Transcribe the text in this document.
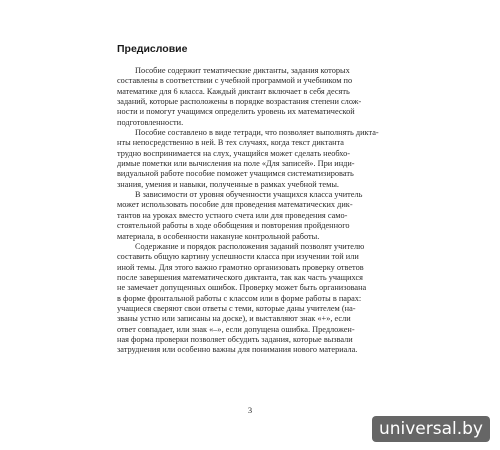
Предисловие

Пособие содержит тематические диктанты, задания которых
составлены в соответствии с учебной программой и учебником по
математике для 6 класса. Каждый диктант включает в себя десять
заданий, которые расположены в порядке возрастания степени слож-
ности и помогут учащимся определить уровень их математической
подготовленности.

Пособие составлено в виде тетради, что позволяет выполнять дикта-
нты непосредственно в ней. В тех случаях, когда текст диктанта
трудно воспринимается на слух, учащийся может сделать необхо-
димые пометки или вычисления на поле «Для записей». При инди-
видуальной работе пособие поможет учащимся систематизировать
знания, умения и навыки, полученные в рамках учебной темы.

В зависимости от уровня обученности учащихся класса учитель
может использовать пособие для проведения математических дик-
тантов на уроках вместо устного счета или для проведения само-
стоятельной работы в ходе обобщения и повторения пройденного
материала, в особенности накануне контрольной работы.

Содержание и порядок расположения заданий позволят учителю
составить общую картину успешности класса при изучении той или
иной темы. Для этого важно грамотно организовать проверку ответов
после завершения математического диктанта, так как часть учащихся
не замечает допущенных ошибок. Проверку может быть организована
в форме фронтальной работы с классом или в форме работы в парах:
учащиеся сверяют свои ответы с теми, которые даны учителем (на-
званы устно или записаны на доске), и выставляют знак «+», если
ответ совпадает, или знак «–», если допущена ошибка. Предложен-
ная форма проверки позволяет обсудить задания, которые вызвали
затруднения или особенно важны для понимания нового материала.

3

universal.by
